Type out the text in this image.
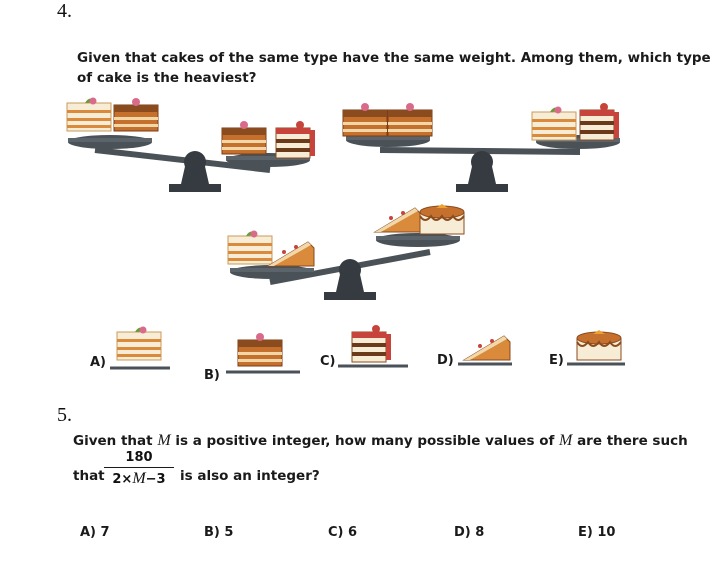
4.
Given that cakes of the same type have the same weight. Among them, which type
of cake is the heaviest?
A)
B)
C)	D)	E)
5.
Given that M is a positive integer, how many possible values of M are there such
that
180
2×M−3	is also an integer?
A) 7	B) 5	C) 6	D) 8	E) 10
